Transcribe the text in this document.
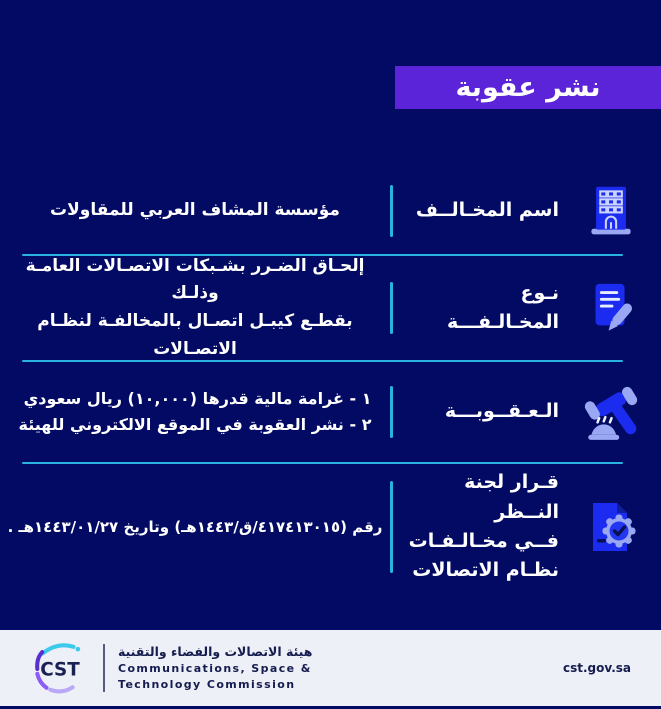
نشر عقوبة
اسم المخـالــف
مؤسسة المشاف العربي للمقاولات
نـوع المخـالـفـــة
إلحـاق الضـرر بشـبكات الاتصـالات العامـة وذلـك
بقطـع كيبـل اتصـال بالمخالفـة لنظـام الاتصـالات
الـعـقــوبـــة
١ - غرامة مالية قدرها (١٠,٠٠٠) ريال سعودي
٢ - نشر العقوبة في الموقع الالكتروني للهيئة
قـرار لجنة النــظر
فــي مخـالـفـات
نظـام الاتصالات
رقم (٤١٧٤١٣٠١٥/ق/١٤٤٣هـ) وتاريخ ١٤٤٣/٠١/٢٧هـ .
CST
هيئة الاتصالات والفضاء والتقنية
Communications, Space &
Technology Commission
cst.gov.sa
